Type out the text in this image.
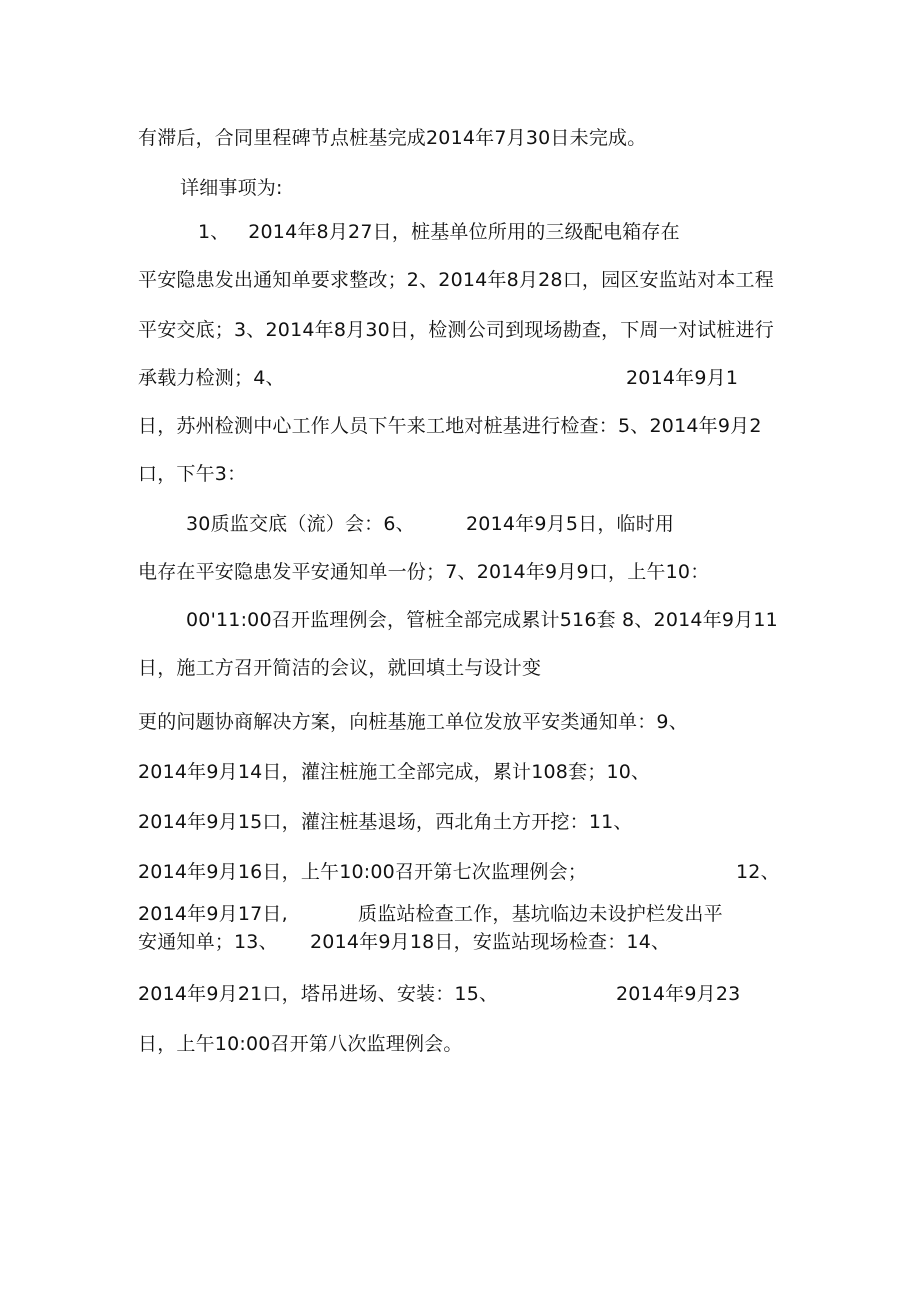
有滞后，合同里程碑节点桩基完成2014年7月30日未完成。
详细事项为:
1、   2014年8月27日，桩基单位所用的三级配电箱存在
平安隐患发出通知单要求整改；2、2014年8月28口，园区安监站对本工程
平安交底；3、2014年8月30日，检测公司到现场勘查，下周一对试桩进行
承载力检测；4、	2014年9月1
日，苏州检测中心工作人员下午来工地对桩基进行检查：5、2014年9月2
口，下午3：
30质监交底（流）会：6、	2014年9月5日，临时用
电存在平安隐患发平安通知单一份；7、2014年9月9口，上午10：
00'11:00召开监理例会，管桩全部完成累计516套 8、2014年9月11
日，施工方召开简洁的会议，就回填土与设计变
更的问题协商解决方案，向桩基施工单位发放平安类通知单：9、
2014年9月14日，灌注桩施工全部完成，累计108套；10、
2014年9月15口，灌注桩基退场，西北角土方开挖：11、
2014年9月16日，上午10:00召开第七次监理例会；	12、
2014年9月17日,	质监站检查工作，基坑临边未设护栏发出平
安通知单；13、 2014年9月18日，安监站现场检查：14、
2014年9月21口，塔吊进场、安装：15、	2014年9月23
日，上午10:00召开第八次监理例会。
